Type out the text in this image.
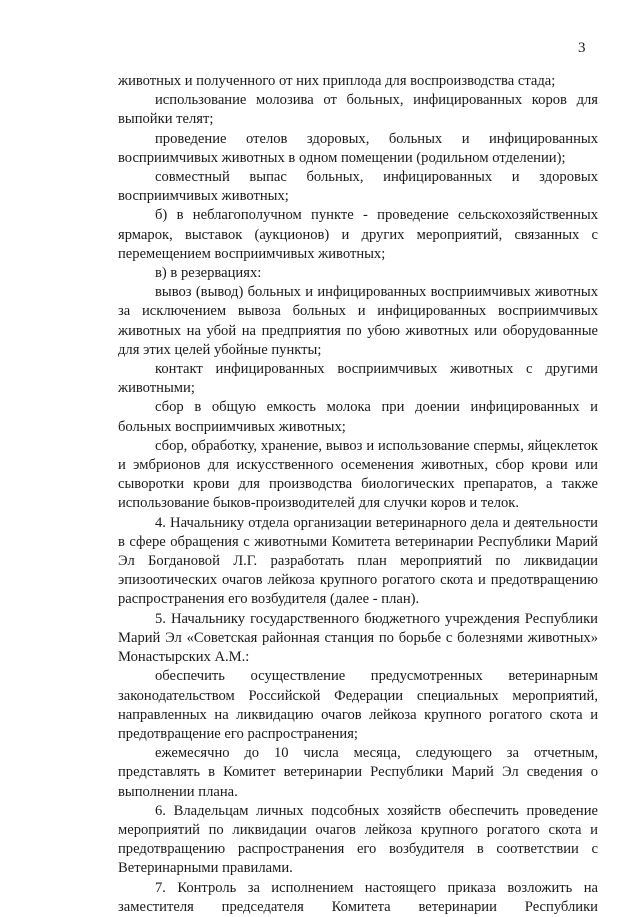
3

животных и полученного от них приплода для воспроизводства стада;

использование молозива от больных, инфицированных коров для выпойки телят;

проведение отелов здоровых, больных и инфицированных восприимчивых животных в одном помещении (родильном отделении);

совместный выпас больных, инфицированных и здоровых восприимчивых животных;

б) в неблагополучном пункте - проведение сельскохозяйственных ярмарок, выставок (аукционов) и других мероприятий, связанных с перемещением восприимчивых животных;

в) в резервациях:

вывоз (вывод) больных и инфицированных восприимчивых животных за исключением вывоза больных и инфицированных восприимчивых животных на убой на предприятия по убою животных или оборудованные для этих целей убойные пункты;

контакт инфицированных восприимчивых животных с другими животными;

сбор в общую емкость молока при доении инфицированных и больных восприимчивых животных;

сбор, обработку, хранение, вывоз и использование спермы, яйцеклеток и эмбрионов для искусственного осеменения животных, сбор крови или сыворотки крови для производства биологических препаратов, а также использование быков-производителей для случки коров и телок.

4. Начальнику отдела организации ветеринарного дела и деятельности в сфере обращения с животными Комитета ветеринарии Республики Марий Эл Богдановой Л.Г. разработать план мероприятий по ликвидации эпизоотических очагов лейкоза крупного рогатого скота и предотвращению распространения его возбудителя (далее - план).

5. Начальнику государственного бюджетного учреждения Республики Марий Эл «Советская районная станция по борьбе с болезнями животных» Монастырских А.М.:

обеспечить осуществление предусмотренных ветеринарным законодательством Российской Федерации специальных мероприятий, направленных на ликвидацию очагов лейкоза крупного рогатого скота и предотвращение его распространения;

ежемесячно до 10 числа месяца, следующего за отчетным, представлять в Комитет ветеринарии Республики Марий Эл сведения о выполнении плана.

6. Владельцам личных подсобных хозяйств обеспечить проведение мероприятий по ликвидации очагов лейкоза крупного рогатого скота и предотвращению распространения его возбудителя в соответствии с Ветеринарными правилами.

7. Контроль за исполнением настоящего приказа возложить на заместителя председателя Комитета ветеринарии Республики
